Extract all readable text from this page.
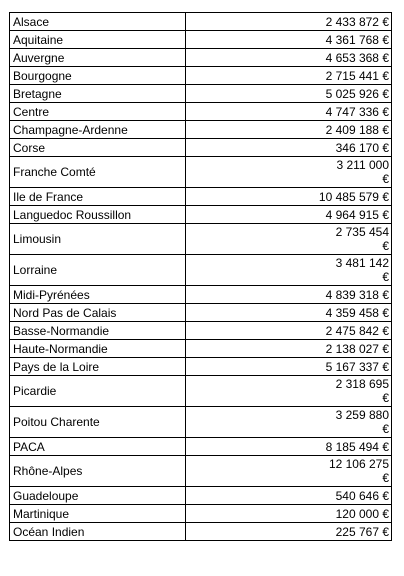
Alsace	2 433 872 €
Aquitaine	4 361 768 €
Auvergne	4 653 368 €
Bourgogne	2 715 441 €
Bretagne	5 025 926 €
Centre	4 747 336 €
Champagne-Ardenne	2 409 188 €
Corse	346 170 €
Franche Comté	3 211 000
€

Ile de France	10 485 579 €
Languedoc Roussillon	4 964 915 €
Limousin	2 735 454
€

Lorraine	3 481 142
€

Midi-Pyrénées	4 839 318 €
Nord Pas de Calais	4 359 458 €
Basse-Normandie	2 475 842 €
Haute-Normandie	2 138 027 €
Pays de la Loire	5 167 337 €
Picardie	2 318 695
€

Poitou Charente	3 259 880
€

PACA	8 185 494 €
Rhône-Alpes	12 106 275
€

Guadeloupe	540 646 €
Martinique	120 000 €
Océan Indien	225 767 €
